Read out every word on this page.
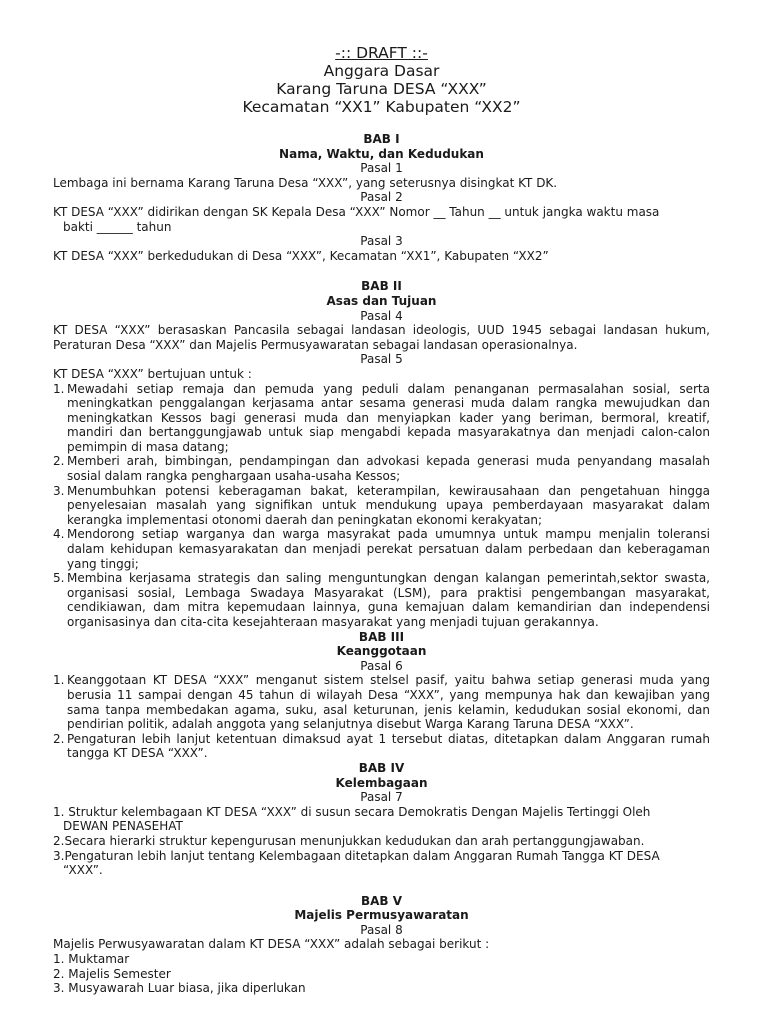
-:: DRAFT ::-
Anggara Dasar
Karang Taruna DESA “XXX”
Kecamatan “XX1” Kabupaten “XX2”
BAB I
Nama, Waktu, dan Kedudukan
Pasal 1

Lembaga ini bernama Karang Taruna Desa “XXX”, yang seterusnya disingkat KT DK.

Pasal 2

KT DESA “XXX” didirikan dengan SK Kepala Desa “XXX” Nomor __ Tahun __ untuk jangka waktu masa

bakti ______ tahun

Pasal 3

KT DESA “XXX” berkedudukan di Desa “XXX”, Kecamatan “XX1”, Kabupaten “XX2”

BAB II
Asas dan Tujuan
Pasal 4

KT DESA “XXX” berasaskan Pancasila sebagai landasan ideologis, UUD 1945 sebagai landasan hukum, Peraturan Desa “XXX” dan Majelis Permusyawaratan sebagai landasan operasionalnya.

Pasal 5

KT DESA “XXX” bertujuan untuk :

1. Mewadahi setiap remaja dan pemuda yang peduli dalam penanganan permasalahan sosial, serta meningkatkan penggalangan kerjasama antar sesama generasi muda dalam rangka mewujudkan dan meningkatkan Kessos bagi generasi muda dan menyiapkan kader yang beriman, bermoral, kreatif, mandiri dan bertanggungjawab untuk siap mengabdi kepada masyarakatnya dan menjadi calon-calon pemimpin di masa datang;
2. Memberi arah, bimbingan, pendampingan dan advokasi kepada generasi muda penyandang masalah sosial dalam rangka penghargaan usaha-usaha Kessos;
3. Menumbuhkan potensi keberagaman bakat, keterampilan, kewirausahaan dan pengetahuan hingga penyelesaian masalah yang signifikan untuk mendukung upaya pemberdayaan masyarakat dalam kerangka implementasi otonomi daerah dan peningkatan ekonomi kerakyatan;
4. Mendorong setiap warganya dan warga masyrakat pada umumnya untuk mampu menjalin toleransi dalam kehidupan kemasyarakatan dan menjadi perekat persatuan dalam perbedaan dan keberagaman yang tinggi;
5. Membina kerjasama strategis dan saling menguntungkan dengan kalangan pemerintah,sektor swasta, organisasi sosial, Lembaga Swadaya Masyarakat (LSM), para praktisi pengembangan masyarakat, cendikiawan, dam mitra kepemudaan lainnya, guna kemajuan dalam kemandirian dan independensi organisasinya dan cita-cita kesejahteraan masyarakat yang menjadi tujuan gerakannya.
BAB III
Keanggotaan
Pasal 6
1. Keanggotaan KT DESA “XXX” menganut sistem stelsel pasif, yaitu bahwa setiap generasi muda yang berusia 11 sampai dengan 45 tahun di wilayah Desa “XXX”, yang mempunya hak dan kewajiban yang sama tanpa membedakan agama, suku, asal keturunan, jenis kelamin, kedudukan sosial ekonomi, dan pendirian politik, adalah anggota yang selanjutnya disebut Warga Karang Taruna DESA “XXX”.
2. Pengaturan lebih lanjut ketentuan dimaksud ayat 1 tersebut diatas, ditetapkan dalam Anggaran rumah tangga KT DESA “XXX”.
BAB IV
Kelembagaan
Pasal 7

1. Struktur kelembagaan KT DESA “XXX” di susun secara Demokratis Dengan Majelis Tertinggi Oleh

DEWAN PENASEHAT

2.Secara hierarki struktur kepengurusan menunjukkan kedudukan dan arah pertanggungjawaban.

3.Pengaturan lebih lanjut tentang Kelembagaan ditetapkan dalam Anggaran Rumah Tangga KT DESA

“XXX”.

BAB V
Majelis Permusyawaratan
Pasal 8

Majelis Perwusyawaratan dalam KT DESA “XXX” adalah sebagai berikut :

1. Muktamar

2. Majelis Semester

3. Musyawarah Luar biasa, jika diperlukan
